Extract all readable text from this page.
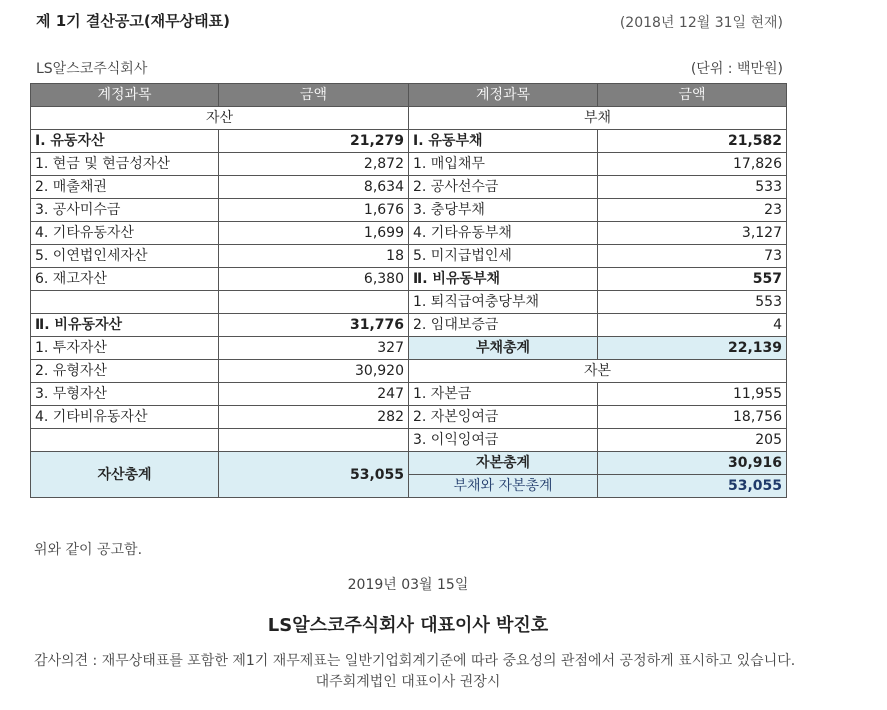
제 1기 결산공고(재무상태표)	(2018년 12월 31일 현재)
LS알스코주식회사	(단위 : 백만원)
계정과목	금액	계정과목	금액
자산		부채	
Ⅰ. 유동자산	21,279	Ⅰ. 유동부채	21,582
1. 현금 및 현금성자산	2,872	1. 매입채무	17,826
2. 매출채권	8,634	2. 공사선수금	533
3. 공사미수금	1,676	3. 충당부채	23
4. 기타유동자산	1,699	4. 기타유동부채	3,127
5. 이연법인세자산	18	5. 미지급법인세	73
6. 재고자산	6,380	Ⅱ. 비유동부채	557
		1. 퇴직급여충당부채	553
Ⅱ. 비유동자산	31,776	2. 임대보증금	4
1. 투자자산	327	부채총계	22,139
2. 유형자산	30,920	자본	
3. 무형자산	247	1. 자본금	11,955
4. 기타비유동자산	282	2. 자본잉여금	18,756
		3. 이익잉여금	205
자산총계	53,055	자본총계	30,916
		부채와 자본총계	53,055
위와 같이 공고함.
2019년 03월 15일
LS알스코주식회사 대표이사 박진호
감사의견 : 재무상태표를 포함한 제1기 재무제표는 일반기업회계기준에 따라 중요성의 관점에서 공정하게 표시하고 있습니다.
대주회계법인 대표이사 권장시
